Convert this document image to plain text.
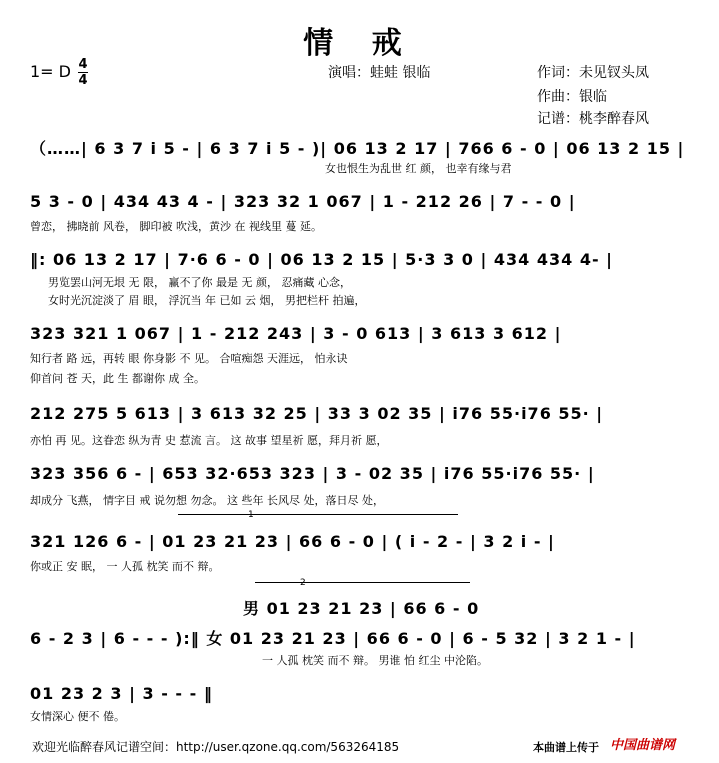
情 戒
1= D 4
4	演唱：蛙蛙 银临	作词：未见钗头凤
作曲：银临
记谱：桃李醉春风
（……| 6 3 7 i 5 - | 6 3 7 i 5 - )| 06 13 2 17 | 766 6 - 0 | 06 13 2 15 |
女也恨生为乱世 红 颜， 也幸有缘与君
5 3 - 0 | 434 43 4 - | 323 32 1 067 | 1 - 212 26 | 7 - - 0 |
曾恋， 拂晓前 风卷， 脚印被 吹浅，黄沙 在 视线里 蔓 延。
‖: 06 13 2 17 | 7·6 6 - 0 | 06 13 2 15 | 5·3 3 0 | 434 434 4- |
男览罢山河无垠 无 限， 赢不了你 最是 无 颜， 忍痛藏 心念，
女时光沉淀淡了 眉 眼， 浮沉当 年 已如 云 烟， 男把栏杆 拍遍，
323 321 1 067 | 1 - 212 243 | 3 - 0 613 | 3 613 3 612 |
知行者 路 远，再转 眼 你身影 不 见。 合喧痴怨 天涯远， 怕永诀
仰首问 苍 天，此 生 都谢你 成 全。
212 275 5 613 | 3 613 32 25 | 33 3 02 35 | i76 55·i76 55· |
亦怕 再 见。这眷恋 纵为青 史 惹流 言。 这 故事 望星祈 愿，拜月祈 愿，
323 356 6 - | 653 32·653 323 | 3 - 02 35 | i76 55·i76 55· |
却成分 飞燕， 情字目 戒 说勿想 勿念。 这 些年 长风尽 处，落日尽 处，
1
321 126 6 - | 01 23 21 23 | 66 6 - 0 | ( i - 2 - | 3 2 i - |
你或正 安 眠， 一 人孤 枕笑 而不 辩。
2
男 01 23 21 23 | 66 6 - 0
6 - 2 3 | 6 - - - ):‖ 女 01 23 21 23 | 66 6 - 0 | 6 - 5 32 | 3 2 1 - |
一 人孤 枕笑 而不 辩。 男谁 怕 红尘 中沦陷。
01 23 2 3 | 3 - - - ‖
女情深心 便不 倦。
欢迎光临醉春风记谱空间：http://user.qzone.qq.com/563264185	本曲谱上传于 中国曲谱网
